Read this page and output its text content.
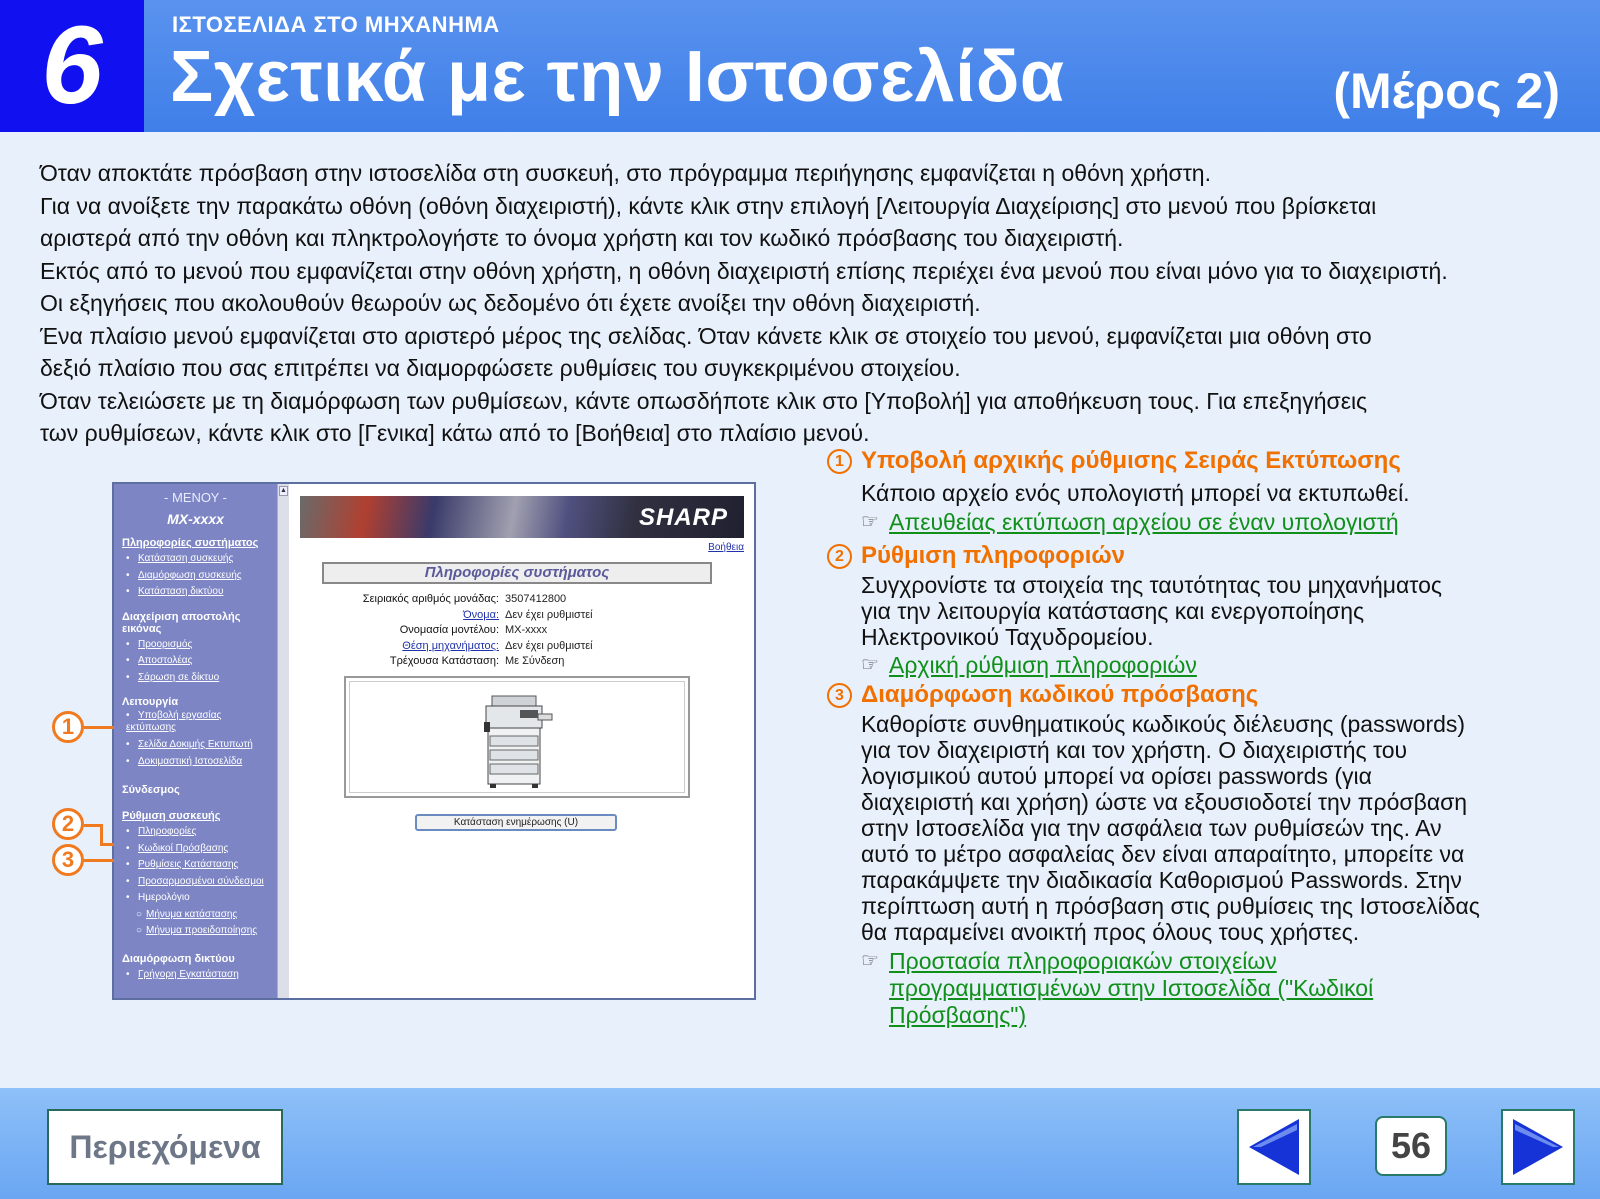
6	ΙΣΤΟΣΕΛΙΔΑ ΣΤΟ ΜΗΧΑΝΗΜΑ
Σχετικά με την Ιστοσελίδα	(Μέρος 2)

Όταν αποκτάτε πρόσβαση στην ιστοσελίδα στη συσκευή, στο πρόγραμμα περιήγησης εμφανίζεται η οθόνη χρήστη.

Για να ανοίξετε την παρακάτω οθόνη (οθόνη διαχειριστή), κάντε κλικ στην επιλογή [Λειτουργία Διαχείρισης] στο μενού που βρίσκεται

αριστερά από την οθόνη και πληκτρολογήστε το όνομα χρήστη και τον κωδικό πρόσβασης του διαχειριστή.

Εκτός από το μενού που εμφανίζεται στην οθόνη χρήστη, η οθόνη διαχειριστή επίσης περιέχει ένα μενού που είναι μόνο για το διαχειριστή.

Οι εξηγήσεις που ακολουθούν θεωρούν ως δεδομένο ότι έχετε ανοίξει την οθόνη διαχειριστή.

Ένα πλαίσιο μενού εμφανίζεται στο αριστερό μέρος της σελίδας. Όταν κάνετε κλικ σε στοιχείο του μενού, εμφανίζεται μια οθόνη στο

δεξιό πλαίσιο που σας επιτρέπει να διαμορφώσετε ρυθμίσεις του συγκεκριμένου στοιχείου.

Όταν τελειώσετε με τη διαμόρφωση των ρυθμίσεων, κάντε οπωσδήποτε κλικ στο [Υποβολή] για αποθήκευση τους. Για επεξηγήσεις

των ρυθμίσεων, κάντε κλικ στο [Γενικα] κάτω από το [Βοήθεια] στο πλαίσιο μενού.

- ΜΕΝΟΥ -
MX-xxxx
Πληροφορίες συστήματος
• Κατάσταση συσκευής
• Διαμόρφωση συσκευής
• Κατάσταση δικτύου
Διαχείριση αποστολής εικόνας
• Προορισμός
• Αποστολέας
• Σάρωση σε δίκτυο
Λειτουργία
• Υποβολή εργασίας εκτύπωσης
• Σελίδα Δοκιμής Εκτυπωτή
• Δοκιμαστική Ιστοσελίδα
Σύνδεσμος
Ρύθμιση συσκευής
• Πληροφορίες
• Κωδικοί Πρόσβασης
• Ρυθμίσεις Κατάστασης
• Προσαρμοσμένοι σύνδεσμοι
• Ημερολόγιο
○ Μήνυμα κατάστασης
○ Μήνυμα προειδοποίησης
Διαμόρφωση δικτύου
• Γρήγορη Εγκατάσταση
▲
SHARP
Βοήθεια
Πληροφορίες συστήματος
Σειριακός αριθμός μονάδας: 3507412800
Όνομα: Δεν έχει ρυθμιστεί
Ονομασία μοντέλου: MX-xxxx
Θέση μηχανήματος: Δεν έχει ρυθμιστεί
Τρέχουσα Κατάσταση: Με Σύνδεση
Κατάσταση ενημέρωσης (U)
1
2
3
1 Υποβολή αρχικής ρύθμισης Σειράς Εκτύπωσης
Κάποιο αρχείο ενός υπολογιστή μπορεί να εκτυπωθεί.
☞ Απευθείας εκτύπωση αρχείου σε έναν υπολογιστή
2 Ρύθμιση πληροφοριών
Συγχρονίστε τα στοιχεία της ταυτότητας του μηχανήματος
για την λειτουργία κατάστασης και ενεργοποίησης
Ηλεκτρονικού Ταχυδρομείου.
☞ Αρχική ρύθμιση πληροφοριών
3 Διαμόρφωση κωδικού πρόσβασης
Καθορίστε συνθηματικούς κωδικούς διέλευσης (passwords)
για τον διαχειριστή και τον χρήστη. Ο διαχειριστής του
λογισμικού αυτού μπορεί να ορίσει passwords (για
διαχειριστή και χρήση) ώστε να εξουσιοδοτεί την πρόσβαση
στην Ιστοσελίδα για την ασφάλεια των ρυθμίσεών της. Αν
αυτό το μέτρο ασφαλείας δεν είναι απαραίτητο, μπορείτε να
παρακάμψετε την διαδικασία Καθορισμού Passwords. Στην
περίπτωση αυτή η πρόσβαση στις ρυθμίσεις της Ιστοσελίδας
θα παραμείνει ανοικτή προς όλους τους χρήστες.
☞ Προστασία πληροφοριακών στοιχείων
προγραμματισμένων στην Ιστοσελίδα ("Κωδικοί
Πρόσβασης")
Περιεχόμενα	56
